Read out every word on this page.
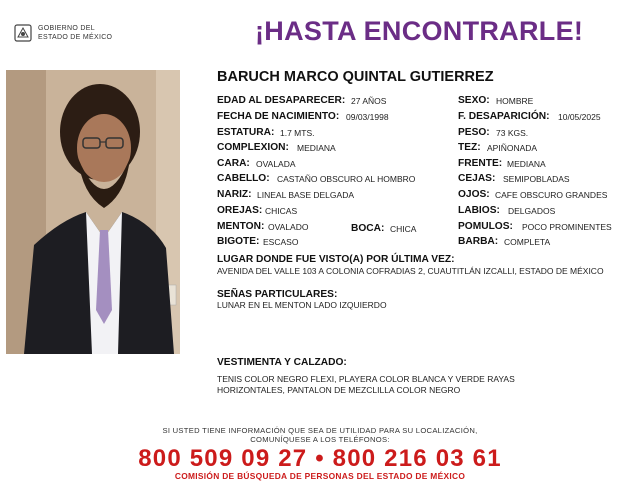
GOBIERNO DEL
ESTADO DE MÉXICO	¡HASTA ENCONTRARLE!
BARUCH MARCO QUINTAL GUTIERREZ
EDAD AL DESAPARECER: 27 AÑOS
FECHA DE NACIMIENTO: 09/03/1998
ESTATURA: 1.7 MTS.
COMPLEXION: MEDIANA
CARA: OVALADA
CABELLO: CASTAÑO OBSCURO AL HOMBRO
NARIZ: LINEAL BASE DELGADA
OREJAS: CHICAS
MENTON: OVALADO	BOCA: CHICA
BIGOTE: ESCASO
SEXO: HOMBRE
F. DESAPARICIÓN: 10/05/2025
PESO: 73 KGS.
TEZ: APIÑONADA
FRENTE: MEDIANA
CEJAS: SEMIPOBLADAS
OJOS: CAFE OBSCURO GRANDES
LABIOS: DELGADOS
POMULOS: POCO PROMINENTES
BARBA: COMPLETA
LUGAR DONDE FUE VISTO(A) POR ÚLTIMA VEZ:
AVENIDA DEL VALLE 103 A COLONIA COFRADIAS 2, CUAUTITLÁN IZCALLI, ESTADO DE MÉXICO
SEÑAS PARTICULARES:
LUNAR EN EL MENTON LADO IZQUIERDO
VESTIMENTA Y CALZADO:
TENIS COLOR NEGRO FLEXI, PLAYERA COLOR BLANCA Y VERDE RAYAS HORIZONTALES, PANTALON DE MEZCLILLA COLOR NEGRO
SI USTED TIENE INFORMACIÓN QUE SEA DE UTILIDAD PARA SU LOCALIZACIÓN,
COMUNÍQUESE A LOS TELÉFONOS:
800 509 09 27 • 800 216 03 61
COMISIÓN DE BÚSQUEDA DE PERSONAS DEL ESTADO DE MÉXICO
